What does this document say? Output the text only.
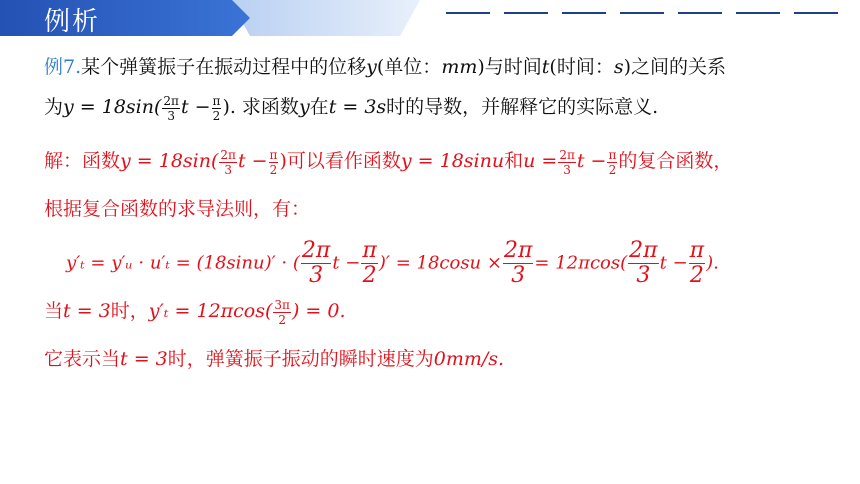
例析
例7.某个弹簧振子在振动过程中的位移y(单位：mm)与时间t(时间：s)之间的关系
为$y = 18\sin( \frac{2\pi}{3}$ $t - \frac{\pi}{2}$ ). 求函数y在t = 3s时的导数，并解释它的实际意义.
解：函数$y = 18\sin( \frac{2\pi}{3}$ $t - \frac{\pi}{2}$ )可以看作函数y = 18sinu和$u = \frac{2\pi}{3}$ $t - \frac{\pi}{2}$ 的复合函数，
根据复合函数的求导法则，有：
y′ₜ = y′ᵤ · u′ₜ = (18sinu)′ · ( $\frac{2\pi}{3}$ $t - \frac{\pi}{2}$ )′ = $18\cos u \times \frac{2\pi}{3} = 12\pi\cos( \frac{2\pi}{3}$ $t - \frac{\pi}{2}$ ).
当t = 3时，$y'_t = 12\pi\cos( \frac{3\pi}{2}$ ) = 0.
它表示当t = 3时，弹簧振子振动的瞬时速度为0mm/s.
